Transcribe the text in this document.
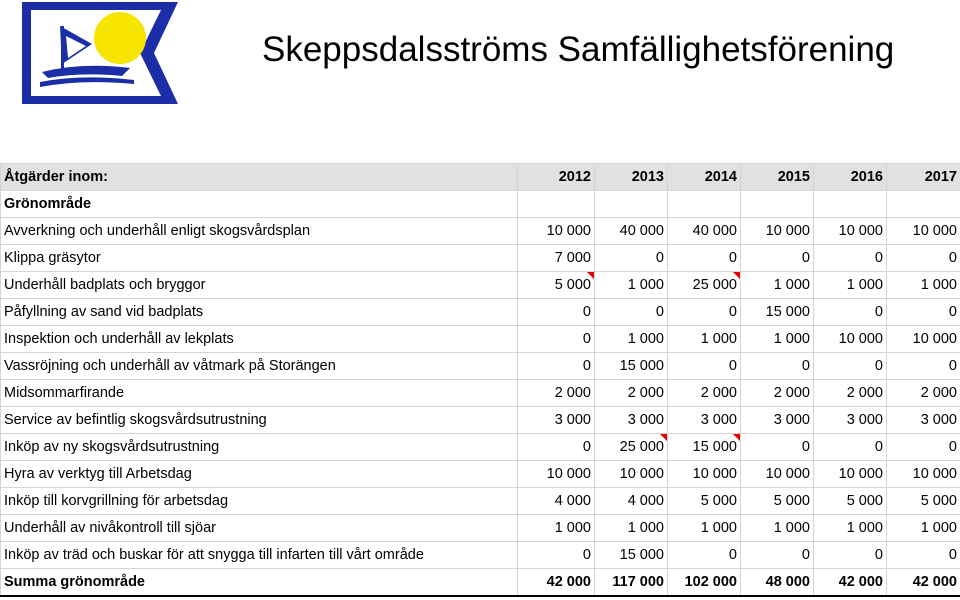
Skeppsdalsströms Samfällighetsförening
Åtgärder inom:	2012	2013	2014	2015	2016	2017
Grönområde						
Avverkning och underhåll enligt skogsvårdsplan	10 000	40 000	40 000	10 000	10 000	10 000
Klippa gräsytor	7 000	0	0	0	0	0
Underhåll badplats och bryggor	5 000	1 000	25 000	1 000	1 000	1 000
Påfyllning av sand vid badplats	0	0	0	15 000	0	0
Inspektion och underhåll av lekplats	0	1 000	1 000	1 000	10 000	10 000
Vassröjning och underhåll av våtmark på Storängen	0	15 000	0	0	0	0
Midsommarfirande	2 000	2 000	2 000	2 000	2 000	2 000
Service av befintlig skogsvårdsutrustning	3 000	3 000	3 000	3 000	3 000	3 000
Inköp av ny skogsvårdsutrustning	0	25 000	15 000	0	0	0
Hyra av verktyg till Arbetsdag	10 000	10 000	10 000	10 000	10 000	10 000
Inköp till korvgrillning för arbetsdag	4 000	4 000	5 000	5 000	5 000	5 000
Underhåll av nivåkontroll till sjöar	1 000	1 000	1 000	1 000	1 000	1 000
Inköp av träd och buskar för att snygga till infarten till vårt område	0	15 000	0	0	0	0
Summa grönområde	42 000	117 000	102 000	48 000	42 000	42 000
